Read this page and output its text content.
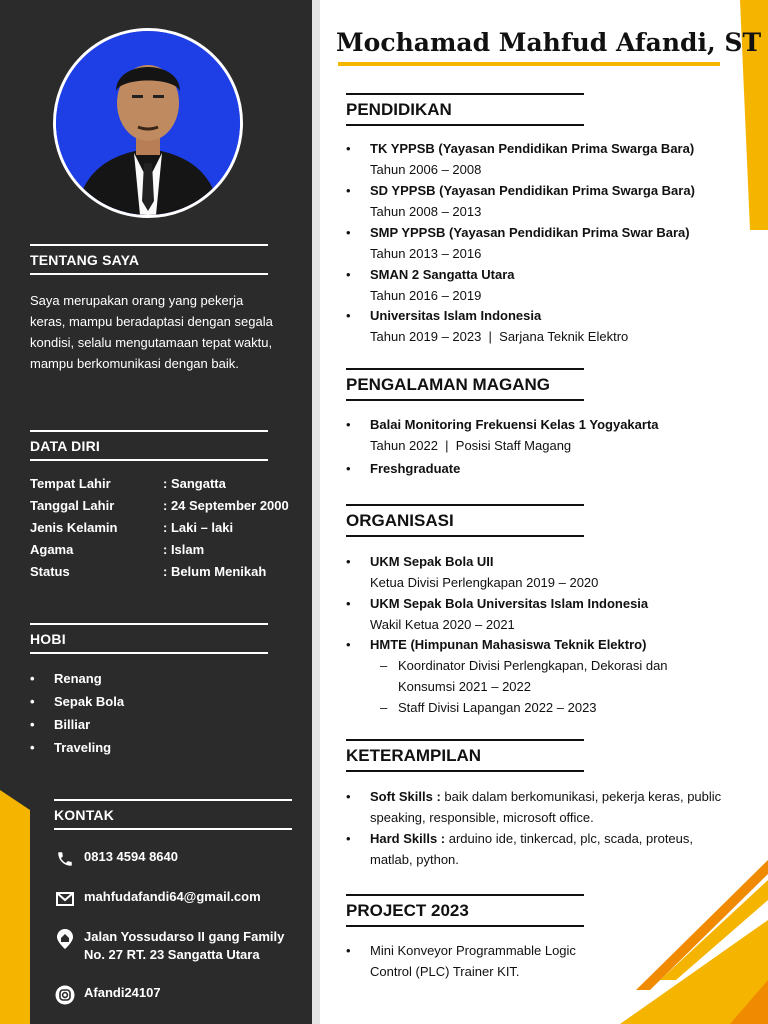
TENTANG SAYA
Saya merupakan orang yang pekerja keras, mampu beradaptasi dengan segala kondisi, selalu mengutamaan tepat waktu, mampu berkomunikasi dengan baik.
DATA DIRI
Tempat Lahir	: Sangatta
Tanggal Lahir	: 24 September 2000
Jenis Kelamin	: Laki – laki
Agama	: Islam
Status	: Belum Menikah
HOBI
• Renang
• Sepak Bola
• Billiar
• Traveling
KONTAK
0813 4594 8640
mahfudafandi64@gmail.com
Jalan Yossudarso II gang Family No. 27 RT. 23 Sangatta Utara
Afandi24107
Mochamad Mahfud Afandi, ST
PENDIDIKAN
•	TK YPPSB (Yayasan Pendidikan Prima Swarga Bara)
Tahun 2006 – 2008
•	SD YPPSB (Yayasan Pendidikan Prima Swarga Bara)
Tahun 2008 – 2013
•	SMP YPPSB (Yayasan Pendidikan Prima Swar Bara)
Tahun 2013 – 2016
•	SMAN 2 Sangatta Utara
Tahun 2016 – 2019
•	Universitas Islam Indonesia
Tahun 2019 – 2023  |  Sarjana Teknik Elektro
PENGALAMAN MAGANG
•	Balai Monitoring Frekuensi Kelas 1 Yogyakarta
Tahun 2022  |  Posisi Staff Magang
•	Freshgraduate
ORGANISASI
•	UKM Sepak Bola UII
Ketua Divisi Perlengkapan 2019 – 2020
•	UKM Sepak Bola Universitas Islam Indonesia
Wakil Ketua 2020 – 2021
•	HMTE (Himpunan Mahasiswa Teknik Elektro)
– Koordinator Divisi Perlengkapan, Dekorasi dan Konsumsi 2021 – 2022
– Staff Divisi Lapangan 2022 – 2023
KETERAMPILAN
•	Soft Skills : baik dalam berkomunikasi, pekerja keras, public speaking, responsible, microsoft office.
•	Hard Skills : arduino ide, tinkercad, plc, scada, proteus, matlab, python.
PROJECT 2023
•	Mini Konveyor Programmable Logic Control (PLC) Trainer KIT.
